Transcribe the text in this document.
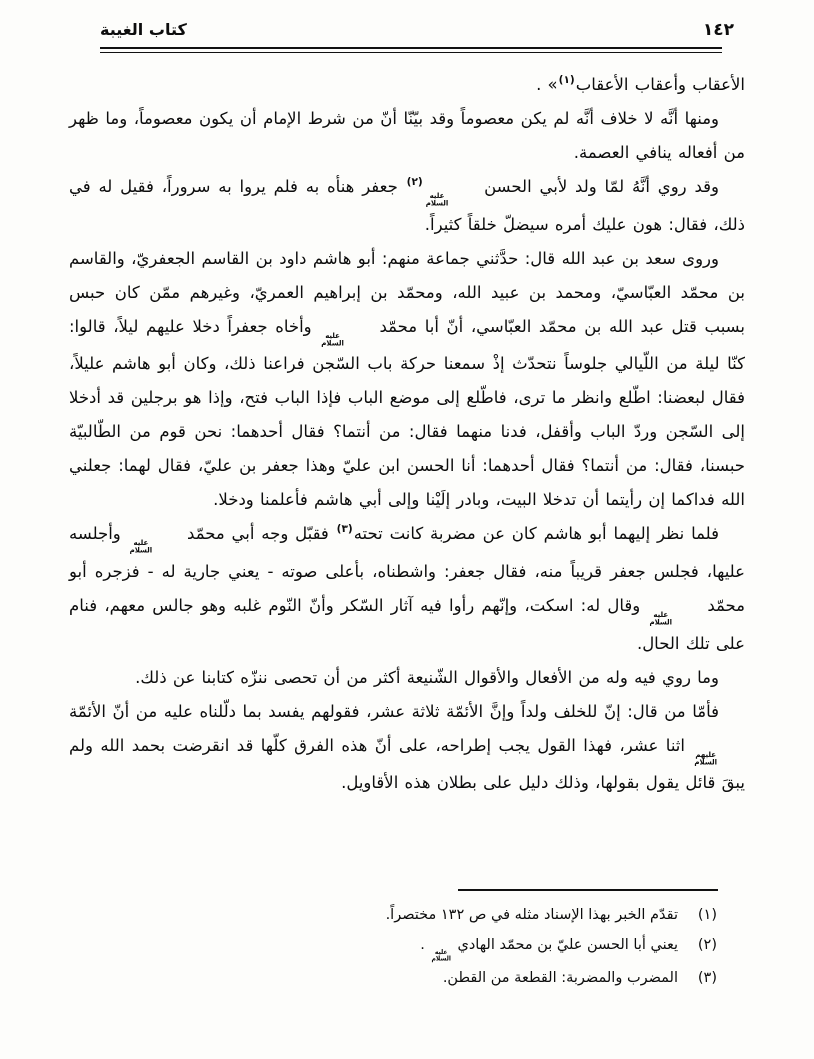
١٤٢
كتاب الغيبة

الأعقاب وأعقاب الأعقاب$^{(١)}$» .

ومنها أنَّه لا خلاف أنَّه لم يكن معصوماً وقد بيّنّا أنّ من شرط الإمام أن يكون معصوماً، وما ظهر من أفعاله ينافي العصمة.

وقد روي أنَّهُ لمّا ولد لأبي الحسن
عليه
السلام
$^{(٢)}$ جعفر هنأه به فلم يروا به سروراً، فقيل له في ذلك، فقال: هون عليك أمره سيضلّ خلقاً كثيراً.

وروى سعد بن عبد الله قال: حدَّثني جماعة منهم: أبو هاشم داود بن القاسم الجعفريّ، والقاسم بن محمّد العبّاسيّ، ومحمد بن عبيد الله، ومحمّد بن إبراهيم العمريّ، وغيرهم ممّن كان حبس بسبب قتل عبد الله بن محمّد العبّاسي، أنّ أبا محمّد
عليه
السلام
وأخاه جعفراً دخلا عليهم ليلاً، قالوا: كنّا ليلة من اللّيالي جلوساً نتحدّث إذْ سمعنا حركة باب السّجن فراعنا ذلك، وكان أبو هاشم عليلاً، فقال لبعضنا: اطّلع وانظر ما ترى، فاطّلع إلى موضع الباب فإذا الباب فتح، وإذا هو برجلين قد أدخلا إلى السّجن وردّ الباب وأقفل، فدنا منهما فقال: من أنتما؟ فقال أحدهما: نحن قوم من الطّالبيّة حبسنا، فقال: من أنتما؟ فقال أحدهما: أنا الحسن ابن عليّ وهذا جعفر بن عليّ، فقال لهما: جعلني الله فداكما إن رأيتما أن تدخلا البيت، وبادر إلَيْنا وإلى أبي هاشم فأعلمنا ودخلا.

فلما نظر إليهما أبو هاشم كان عن مضربة كانت تحته$^{(٣)}$ فقبّل وجه أبي محمّد
عليه
السلام
وأجلسه عليها، فجلس جعفر قريباً منه، فقال جعفر: واشطناه، بأعلى صوته - يعني جارية له - فزجره أبو محمّد
عليه
السلام
وقال له: اسكت، وإنّهم رأوا فيه آثار السّكر وأنّ النّوم غلبه وهو جالس معهم، فنام على تلك الحال.

وما روي فيه وله من الأفعال والأقوال الشّنيعة أكثر من أن تحصى ننزّه كتابنا عن ذلك.

فأمّا من قال: إنّ للخلف ولداً وإنَّ الأئمّة ثلاثة عشر، فقولهم يفسد بما دلّلناه عليه من أنّ الأئمّة
عليهم
السلام
اثنا عشر، فهذا القول يجب إطراحه، على أنّ هذه الفرق كلّها قد انقرضت بحمد الله ولم يبقَ قائل يقول بقولها، وذلك دليل على بطلان هذه الأقاويل.

(١)
تقدّم الخبر بهذا الإسناد مثله في ص ١٣٢ مختصراً.
(٢)
يعني أبا الحسن عليّ بن محمّد الهادي
عليه
السلام
.
(٣)
المضرب والمضربة: القطعة من القطن.
